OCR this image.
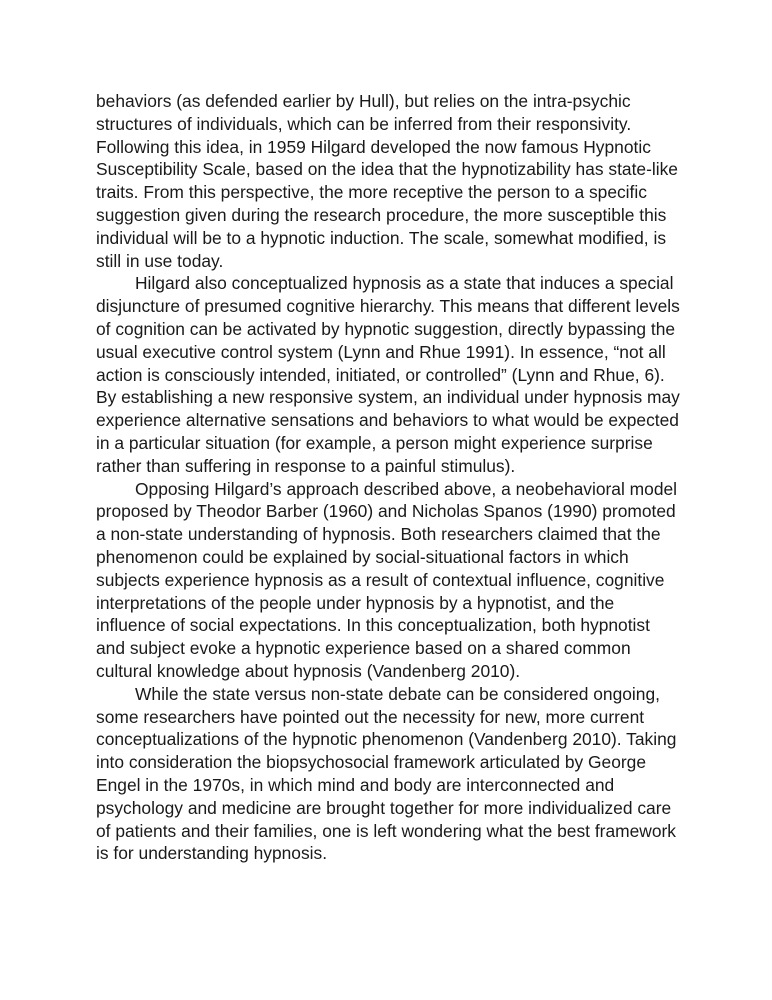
behaviors (as defended earlier by Hull), but relies on the intra-psychic structures of individuals, which can be inferred from their responsivity. Following this idea, in 1959 Hilgard developed the now famous Hypnotic Susceptibility Scale, based on the idea that the hypnotizability has state-like traits. From this perspective, the more receptive the person to a specific suggestion given during the research procedure, the more susceptible this individual will be to a hypnotic induction. The scale, somewhat modified, is still in use today.

Hilgard also conceptualized hypnosis as a state that induces a special disjuncture of presumed cognitive hierarchy. This means that different levels of cognition can be activated by hypnotic suggestion, directly bypassing the usual executive control system (Lynn and Rhue 1991). In essence, “not all action is consciously intended, initiated, or controlled” (Lynn and Rhue, 6). By establishing a new responsive system, an individual under hypnosis may experience alternative sensations and behaviors to what would be expected in a particular situation (for example, a person might experience surprise rather than suffering in response to a painful stimulus).

Opposing Hilgard’s approach described above, a neobehavioral model proposed by Theodor Barber (1960) and Nicholas Spanos (1990) promoted a non-state understanding of hypnosis. Both researchers claimed that the phenomenon could be explained by social-situational factors in which subjects experience hypnosis as a result of contextual influence, cognitive interpretations of the people under hypnosis by a hypnotist, and the influence of social expectations. In this conceptualization, both hypnotist and subject evoke a hypnotic experience based on a shared common cultural knowledge about hypnosis (Vandenberg 2010).

While the state versus non-state debate can be considered ongoing, some researchers have pointed out the necessity for new, more current conceptualizations of the hypnotic phenomenon (Vandenberg 2010). Taking into consideration the biopsychosocial framework articulated by George Engel in the 1970s, in which mind and body are interconnected and psychology and medicine are brought together for more individualized care of patients and their families, one is left wondering what the best framework is for understanding hypnosis.
